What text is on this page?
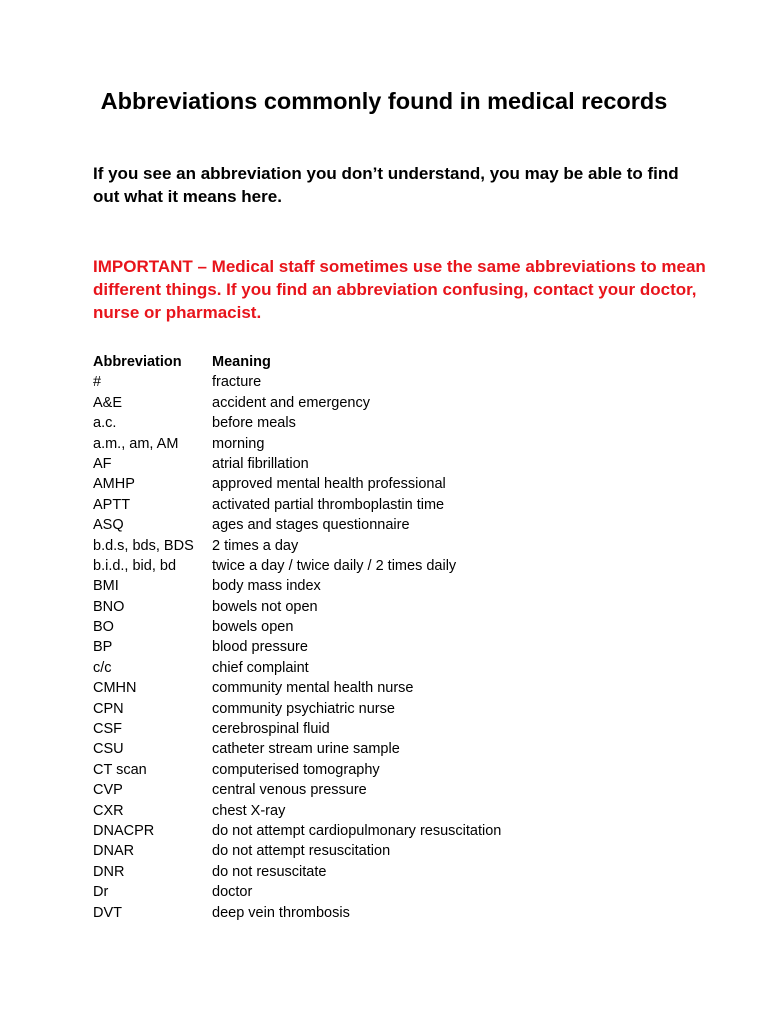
Abbreviations commonly found in medical records

If you see an abbreviation you don’t understand, you may be able to find out what it means here.

IMPORTANT – Medical staff sometimes use the same abbreviations to mean different things. If you find an abbreviation confusing, contact your doctor, nurse or pharmacist.

Abbreviation	Meaning
#	fracture
A&E	accident and emergency
a.c.	before meals
a.m., am, AM	morning
AF	atrial fibrillation
AMHP	approved mental health professional
APTT	activated partial thromboplastin time
ASQ	ages and stages questionnaire
b.d.s, bds, BDS	2 times a day
b.i.d., bid, bd	twice a day / twice daily / 2 times daily
BMI	body mass index
BNO	bowels not open
BO	bowels open
BP	blood pressure
c/c	chief complaint
CMHN	community mental health nurse
CPN	community psychiatric nurse
CSF	cerebrospinal fluid
CSU	catheter stream urine sample
CT scan	computerised tomography
CVP	central venous pressure
CXR	chest X-ray
DNACPR	do not attempt cardiopulmonary resuscitation
DNAR	do not attempt resuscitation
DNR	do not resuscitate
Dr	doctor
DVT	deep vein thrombosis
